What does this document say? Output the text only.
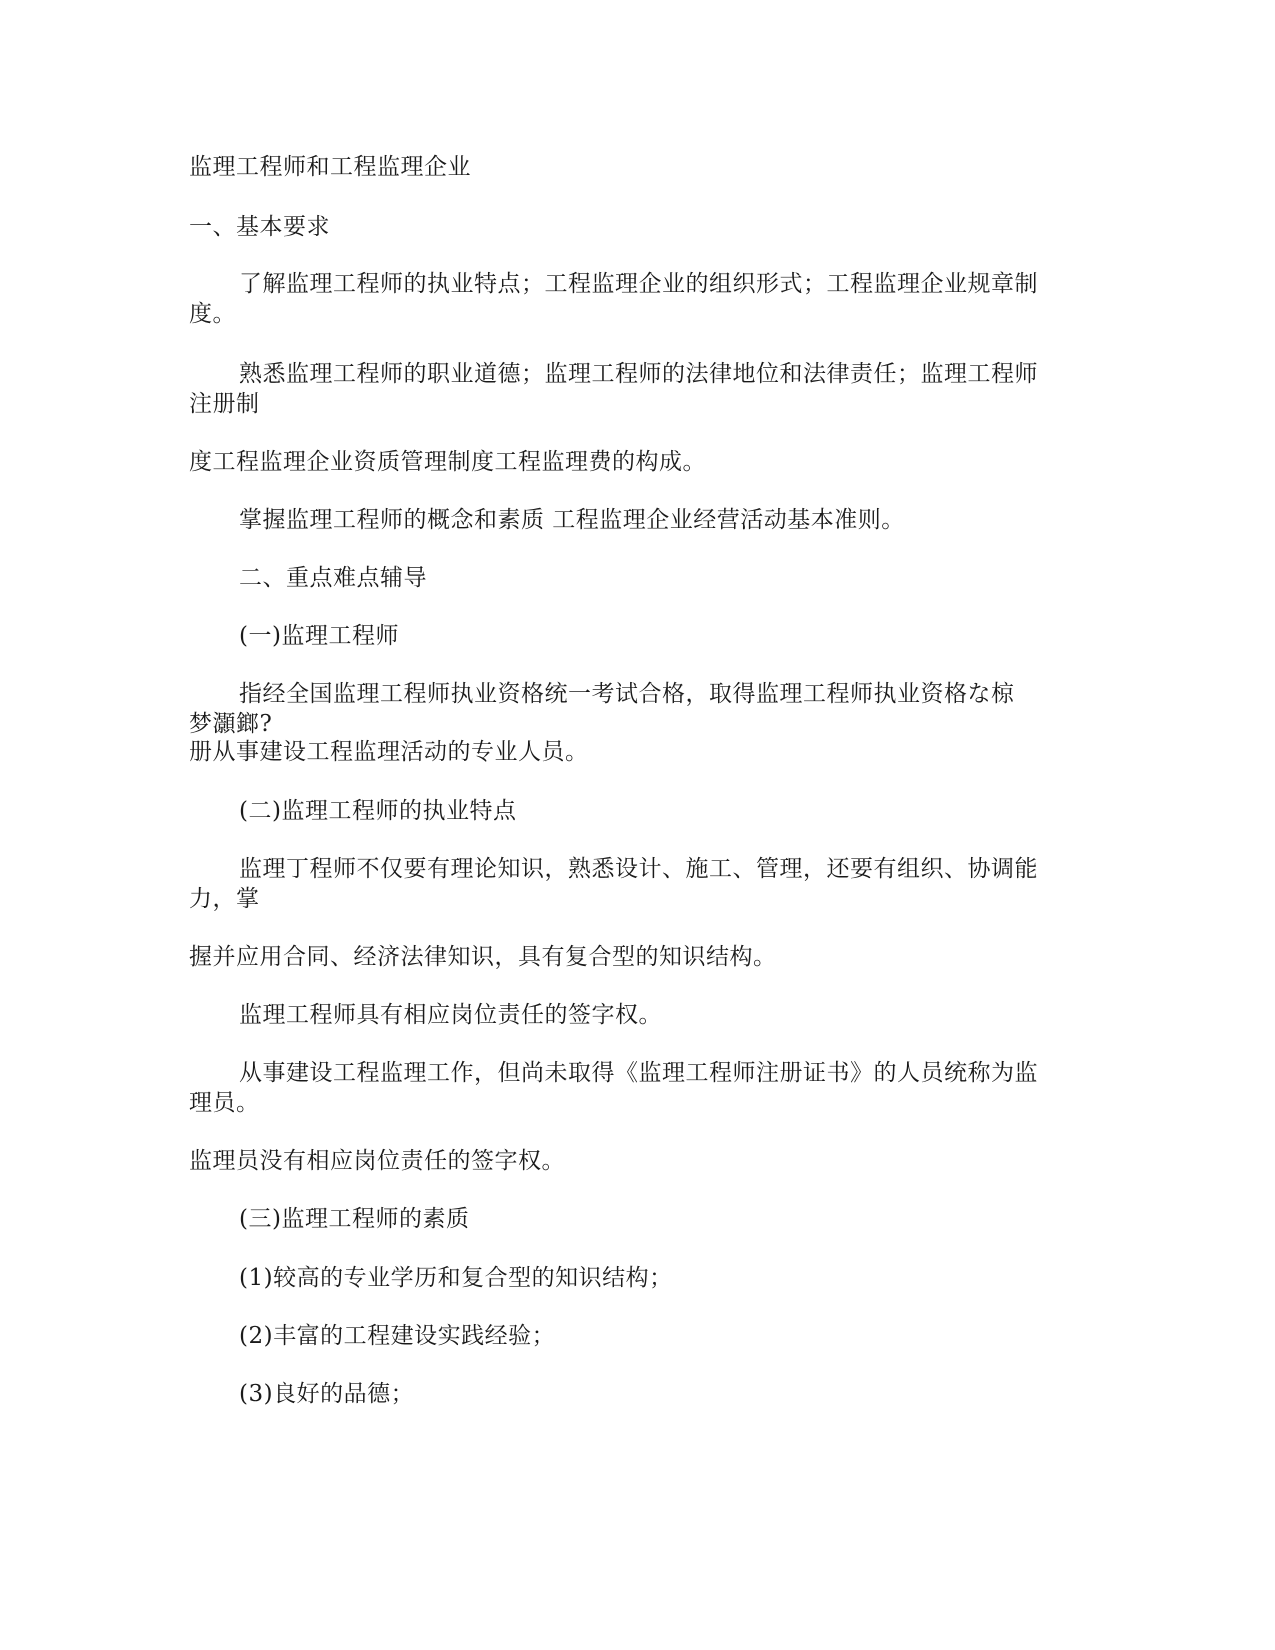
监理工程师和工程监理企业
一、基本要求
了解监理工程师的执业特点；工程监理企业的组织形式；工程监理企业规章制
度。
熟悉监理工程师的职业道德；监理工程师的法律地位和法律责任；监理工程师
注册制
度工程监理企业资质管理制度工程监理费的构成。
掌握监理工程师的概念和素质 工程监理企业经营活动基本准则。
二、重点难点辅导
(一)监理工程师
指经全国监理工程师执业资格统一考试合格，取得监理工程师执业资格な椋
梦灝鎯?
册从事建设工程监理活动的专业人员。
(二)监理工程师的执业特点
监理丁程师不仅要有理论知识，熟悉设计、施工、管理，还要有组织、协调能
力，掌
握并应用合同、经济法律知识，具有复合型的知识结构。
监理工程师具有相应岗位责任的签字权。
从事建设工程监理工作，但尚未取得《监理工程师注册证书》的人员统称为监
理员。
监理员没有相应岗位责任的签字权。
(三)监理工程师的素质
(1)较高的专业学历和复合型的知识结构；
(2)丰富的工程建设实践经验；
(3)良好的品德；
